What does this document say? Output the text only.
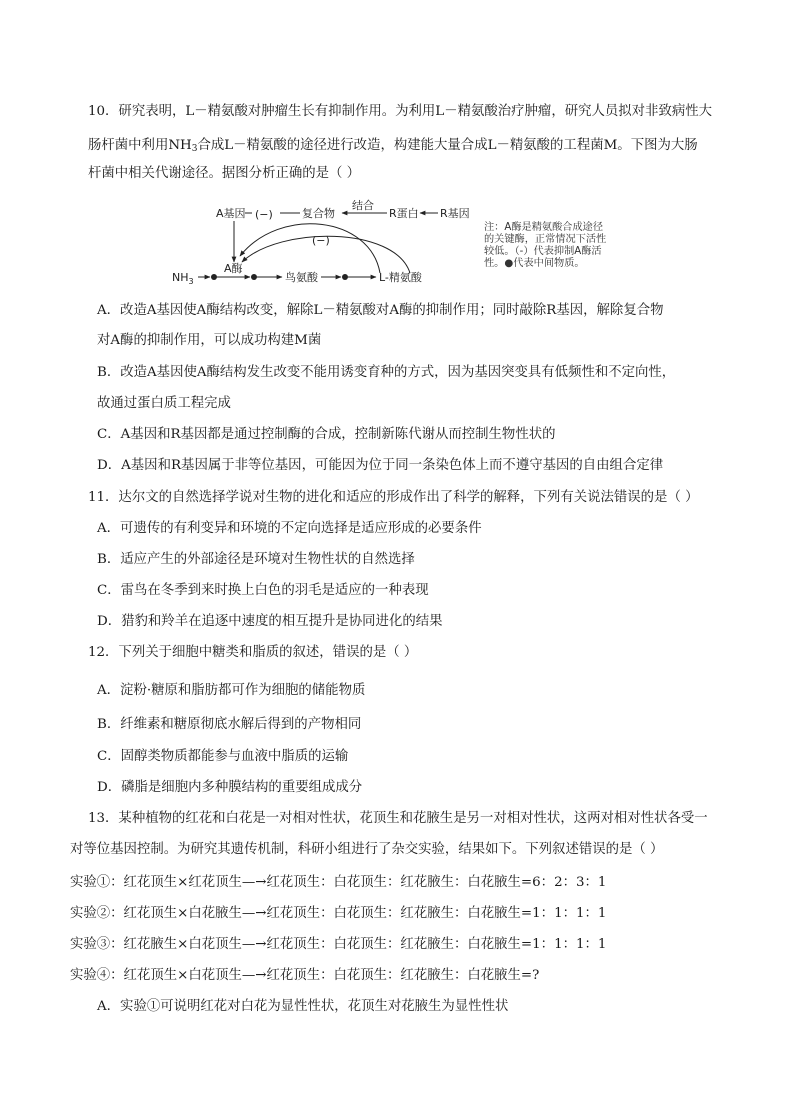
10．研究表明，L－精氨酸对肿瘤生长有抑制作用。为利用L－精氨酸治疗肿瘤，研究人员拟对非致病性大
肠杆菌中利用$NH_3$合成L－精氨酸的途径进行改造，构建能大量合成L－精氨酸的工程菌M。下图为大肠
杆菌中相关代谢途径。据图分析正确的是（ ）
A基因 (−)	复合物
结合
R蛋白 R基因
(−)
$NH_3$
A酶
鸟氨酸	L-精氨酸
注：A酶是精氨酸合成途径
的关键酶，正常情况下活性
较低。（-）代表抑制A酶活
性。●代表中间物质。
A．改造A基因使A酶结构改变，解除L－精氨酸对A酶的抑制作用；同时敲除R基因，解除复合物
对A酶的抑制作用，可以成功构建M菌
B．改造A基因使A酶结构发生改变不能用诱变育种的方式，因为基因突变具有低频性和不定向性，
故通过蛋白质工程完成
C．A基因和R基因都是通过控制酶的合成，控制新陈代谢从而控制生物性状的
D．A基因和R基因属于非等位基因，可能因为位于同一条染色体上而不遵守基因的自由组合定律
11．达尔文的自然选择学说对生物的进化和适应的形成作出了科学的解释，下列有关说法错误的是（ ）
A．可遗传的有利变异和环境的不定向选择是适应形成的必要条件
B．适应产生的外部途径是环境对生物性状的自然选择
C．雷鸟在冬季到来时换上白色的羽毛是适应的一种表现
D．猎豹和羚羊在追逐中速度的相互提升是协同进化的结果
12．下列关于细胞中糖类和脂质的叙述，错误的是（ ）
A．淀粉·糖原和脂肪都可作为细胞的储能物质
B．纤维素和糖原彻底水解后得到的产物相同
C．固醇类物质都能参与血液中脂质的运输
D．磷脂是细胞内多种膜结构的重要组成成分
13．某种植物的红花和白花是一对相对性状，花顶生和花腋生是另一对相对性状，这两对相对性状各受一
对等位基因控制。为研究其遗传机制，科研小组进行了杂交实验，结果如下。下列叙述错误的是（ ）
实验①：红花顶生×红花顶生—→红花顶生：白花顶生：红花腋生：白花腋生=6：2：3：1
实验②：红花顶生×白花腋生—→红花顶生：白花顶生：红花腋生：白花腋生=1：1：1：1
实验③：红花腋生×白花顶生—→红花顶生：白花顶生：红花腋生：白花腋生=1：1：1：1
实验④：红花顶生×白花顶生—→红花顶生：白花顶生：红花腋生：白花腋生=?
A．实验①可说明红花对白花为显性性状，花顶生对花腋生为显性性状
